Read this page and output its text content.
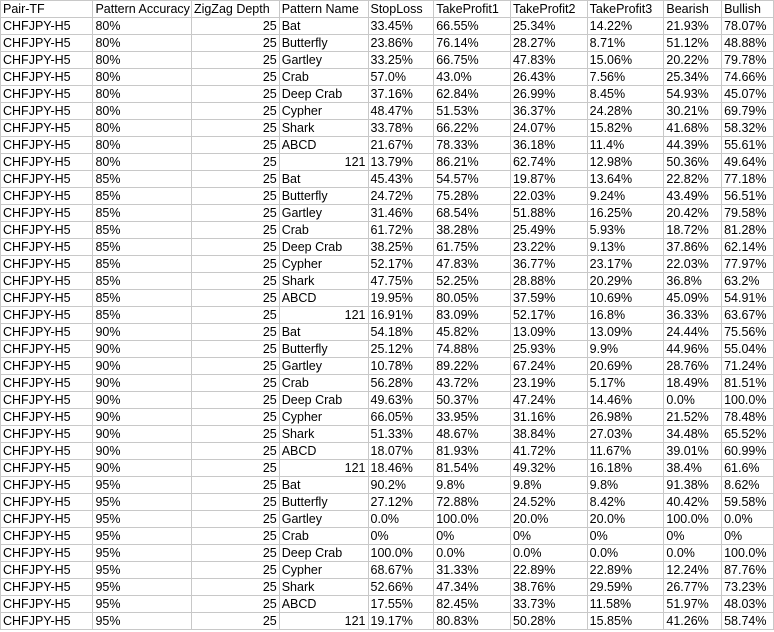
Pair-TF	Pattern Accuracy	ZigZag Depth	Pattern Name	StopLoss	TakeProfit1	TakeProfit2	TakeProfit3	Bearish	Bullish
CHFJPY-H5	80%	25	Bat	33.45%	66.55%	25.34%	14.22%	21.93%	78.07%
CHFJPY-H5	80%	25	Butterfly	23.86%	76.14%	28.27%	8.71%	51.12%	48.88%
CHFJPY-H5	80%	25	Gartley	33.25%	66.75%	47.83%	15.06%	20.22%	79.78%
CHFJPY-H5	80%	25	Crab	57.0%	43.0%	26.43%	7.56%	25.34%	74.66%
CHFJPY-H5	80%	25	Deep Crab	37.16%	62.84%	26.99%	8.45%	54.93%	45.07%
CHFJPY-H5	80%	25	Cypher	48.47%	51.53%	36.37%	24.28%	30.21%	69.79%
CHFJPY-H5	80%	25	Shark	33.78%	66.22%	24.07%	15.82%	41.68%	58.32%
CHFJPY-H5	80%	25	ABCD	21.67%	78.33%	36.18%	11.4%	44.39%	55.61%
CHFJPY-H5	80%	25	121	13.79%	86.21%	62.74%	12.98%	50.36%	49.64%
CHFJPY-H5	85%	25	Bat	45.43%	54.57%	19.87%	13.64%	22.82%	77.18%
CHFJPY-H5	85%	25	Butterfly	24.72%	75.28%	22.03%	9.24%	43.49%	56.51%
CHFJPY-H5	85%	25	Gartley	31.46%	68.54%	51.88%	16.25%	20.42%	79.58%
CHFJPY-H5	85%	25	Crab	61.72%	38.28%	25.49%	5.93%	18.72%	81.28%
CHFJPY-H5	85%	25	Deep Crab	38.25%	61.75%	23.22%	9.13%	37.86%	62.14%
CHFJPY-H5	85%	25	Cypher	52.17%	47.83%	36.77%	23.17%	22.03%	77.97%
CHFJPY-H5	85%	25	Shark	47.75%	52.25%	28.88%	20.29%	36.8%	63.2%
CHFJPY-H5	85%	25	ABCD	19.95%	80.05%	37.59%	10.69%	45.09%	54.91%
CHFJPY-H5	85%	25	121	16.91%	83.09%	52.17%	16.8%	36.33%	63.67%
CHFJPY-H5	90%	25	Bat	54.18%	45.82%	13.09%	13.09%	24.44%	75.56%
CHFJPY-H5	90%	25	Butterfly	25.12%	74.88%	25.93%	9.9%	44.96%	55.04%
CHFJPY-H5	90%	25	Gartley	10.78%	89.22%	67.24%	20.69%	28.76%	71.24%
CHFJPY-H5	90%	25	Crab	56.28%	43.72%	23.19%	5.17%	18.49%	81.51%
CHFJPY-H5	90%	25	Deep Crab	49.63%	50.37%	47.24%	14.46%	0.0%	100.0%
CHFJPY-H5	90%	25	Cypher	66.05%	33.95%	31.16%	26.98%	21.52%	78.48%
CHFJPY-H5	90%	25	Shark	51.33%	48.67%	38.84%	27.03%	34.48%	65.52%
CHFJPY-H5	90%	25	ABCD	18.07%	81.93%	41.72%	11.67%	39.01%	60.99%
CHFJPY-H5	90%	25	121	18.46%	81.54%	49.32%	16.18%	38.4%	61.6%
CHFJPY-H5	95%	25	Bat	90.2%	9.8%	9.8%	9.8%	91.38%	8.62%
CHFJPY-H5	95%	25	Butterfly	27.12%	72.88%	24.52%	8.42%	40.42%	59.58%
CHFJPY-H5	95%	25	Gartley	0.0%	100.0%	20.0%	20.0%	100.0%	0.0%
CHFJPY-H5	95%	25	Crab	0%	0%	0%	0%	0%	0%
CHFJPY-H5	95%	25	Deep Crab	100.0%	0.0%	0.0%	0.0%	0.0%	100.0%
CHFJPY-H5	95%	25	Cypher	68.67%	31.33%	22.89%	22.89%	12.24%	87.76%
CHFJPY-H5	95%	25	Shark	52.66%	47.34%	38.76%	29.59%	26.77%	73.23%
CHFJPY-H5	95%	25	ABCD	17.55%	82.45%	33.73%	11.58%	51.97%	48.03%
CHFJPY-H5	95%	25	121	19.17%	80.83%	50.28%	15.85%	41.26%	58.74%
